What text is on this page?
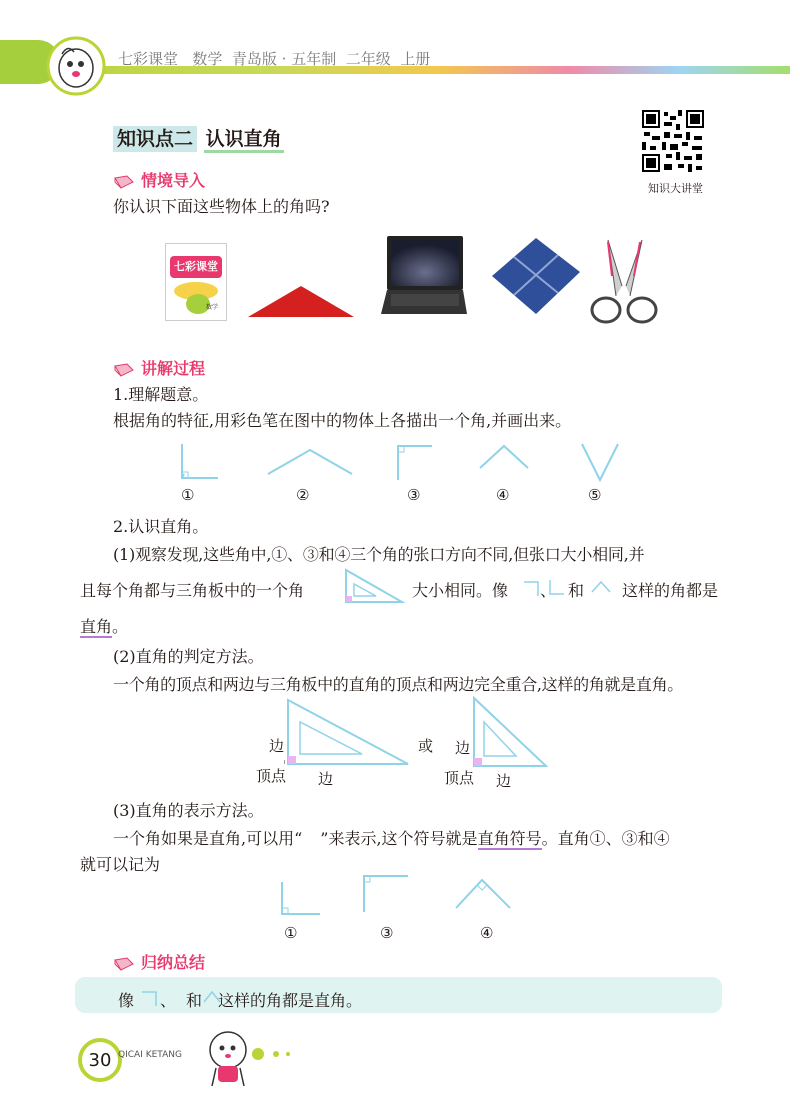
七彩课堂 数学 青岛版 · 五年制 二年级 上册
知识点二 认识直角
知识大讲堂
情境导入
你认识下面这些物体上的角吗?
七彩课堂
数学
讲解过程
1.理解题意。
根据角的特征,用彩色笔在图中的物体上各描出一个角,并画出来。
①	②	③	④	⑤
2.认识直角。
(1)观察发现,这些角中,①、③和④三个角的张口方向不同,但张口大小相同,并
且每个角都与三角板中的一个角	大小相同。像 、 和 这样的角都是
直角。
(2)直角的判定方法。
一个角的顶点和两边与三角板中的直角的顶点和两边完全重合,这样的角就是直角。
边
顶点 边
或 边
顶点 边
(3)直角的表示方法。
一个角如果是直角,可以用“ ”来表示,这个符号就是直角符号。直角①、③和④
就可以记为
①	③	④
归纳总结
像 、 和 这样的角都是直角。
30 QICAI KETANG
